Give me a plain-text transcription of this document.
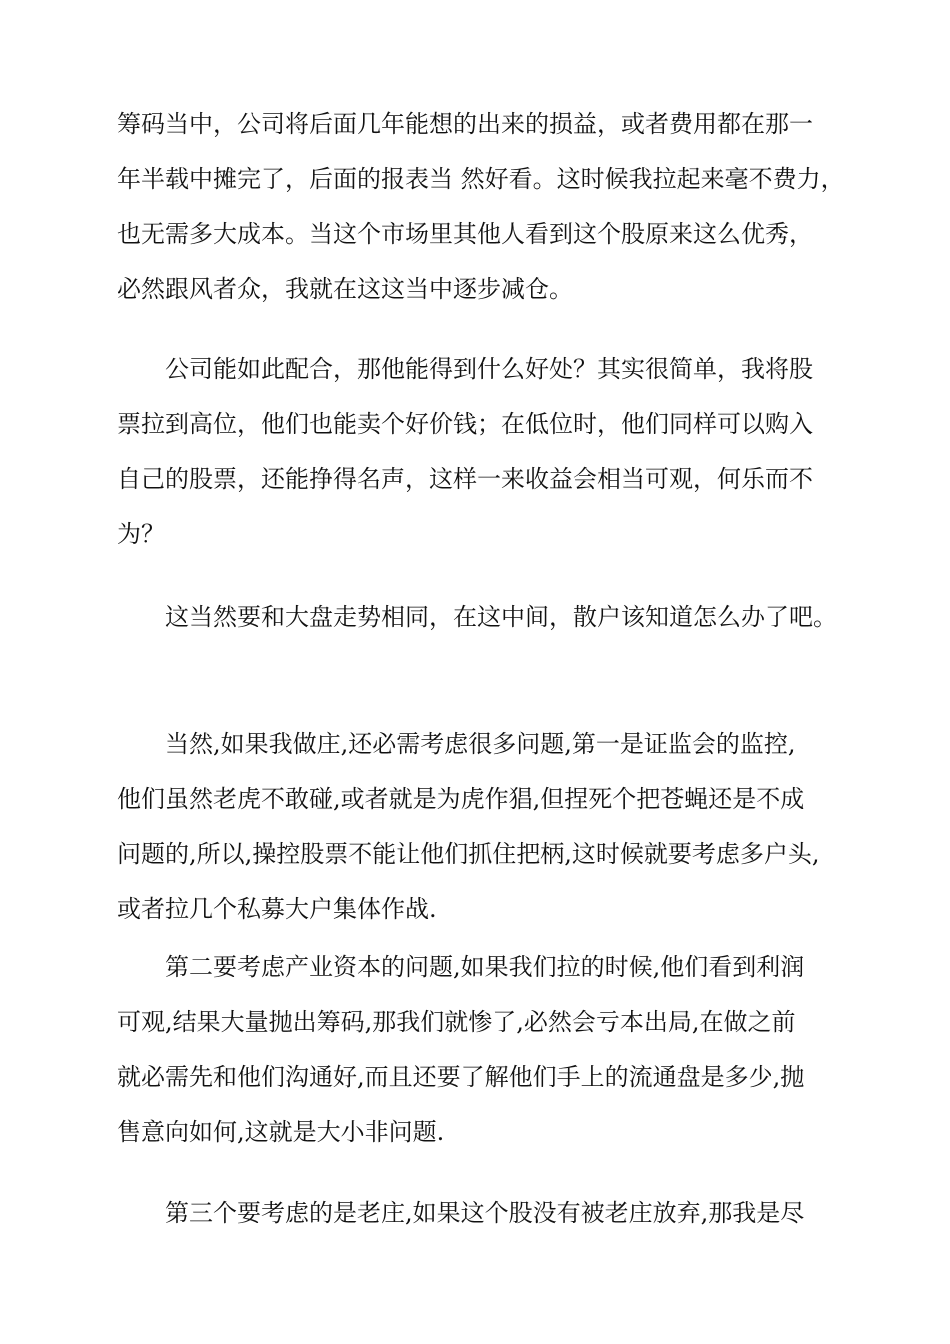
筹码当中，公司将后面几年能想的出来的损益，或者费用都在那一
年半载中摊完了，后面的报表当 然好看。这时候我拉起来毫不费力，
也无需多大成本。当这个市场里其他人看到这个股原来这么优秀，
必然跟风者众，我就在这这当中逐步减仓。
公司能如此配合，那他能得到什么好处？其实很简单，我将股
票拉到高位，他们也能卖个好价钱；在低位时，他们同样可以购入
自己的股票，还能挣得名声，这样一来收益会相当可观，何乐而不
为？
这当然要和大盘走势相同，在这中间，散户该知道怎么办了吧。
当然,如果我做庄,还必需考虑很多问题,第一是证监会的监控,
他们虽然老虎不敢碰,或者就是为虎作猖,但捏死个把苍蝇还是不成
问题的,所以,操控股票不能让他们抓住把柄,这时候就要考虑多户头,
或者拉几个私募大户集体作战.
第二要考虑产业资本的问题,如果我们拉的时候,他们看到利润
可观,结果大量抛出筹码,那我们就惨了,必然会亏本出局,在做之前
就必需先和他们沟通好,而且还要了解他们手上的流通盘是多少,抛
售意向如何,这就是大小非问题.
第三个要考虑的是老庄,如果这个股没有被老庄放弃,那我是尽
